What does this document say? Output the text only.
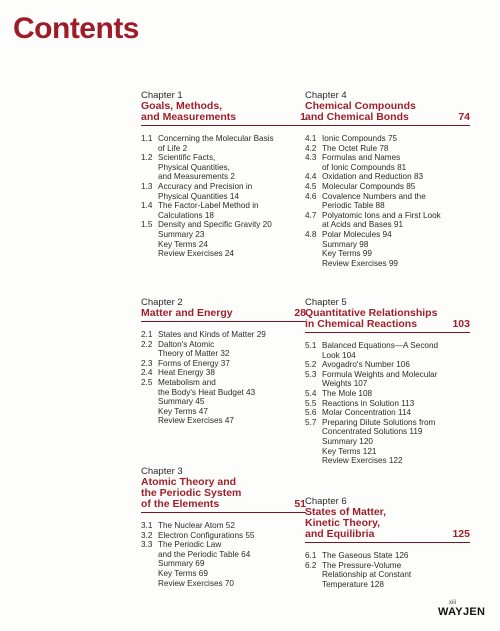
Contents
Chapter 1
Goals, Methods,
and Measurements	1
1.1 Concerning the Molecular Basis
of Life 2
1.2 Scientific Facts,
Physical Quantities,
and Measurements 2
1.3 Accuracy and Precision in
Physical Quantities 14
1.4 The Factor-Label Method in
Calculations 18
1.5 Density and Specific Gravity 20
Summary 23
Key Terms 24
Review Exercises 24
Chapter 2
Matter and Energy	28
2.1 States and Kinds of Matter 29
2.2 Dalton's Atomic
Theory of Matter 32
2.3 Forms of Energy 37
2.4 Heat Energy 38
2.5 Metabolism and
the Body's Heat Budget 43
Summary 45
Key Terms 47
Review Exercises 47
Chapter 3
Atomic Theory and
the Periodic System
of the Elements	51
3.1 The Nuclear Atom 52
3.2 Electron Configurations 55
3.3 The Periodic Law
and the Periodic Table 64
Summary 69
Key Terms 69
Review Exercises 70
Chapter 4
Chemical Compounds
and Chemical Bonds	74
4.1 Ionic Compounds 75
4.2 The Octet Rule 78
4.3 Formulas and Names
of Ionic Compounds 81
4.4 Oxidation and Reduction 83
4.5 Molecular Compounds 85
4.6 Covalence Numbers and the
Periodic Table 88
4.7 Polyatomic Ions and a First Look
at Acids and Bases 91
4.8 Polar Molecules 94
Summary 98
Key Terms 99
Review Exercises 99
Chapter 5
Quantitative Relationships
in Chemical Reactions	103
5.1 Balanced Equations—A Second
Look 104
5.2 Avogadro's Number 106
5.3 Formula Weights and Molecular
Weights 107
5.4 The Mole 108
5.5 Reactions in Solution 113
5.6 Molar Concentration 114
5.7 Preparing Dilute Solutions from
Concentrated Solutions 119
Summary 120
Key Terms 121
Review Exercises 122
Chapter 6
States of Matter,
Kinetic Theory,
and Equilibria	125
6.1 The Gaseous State 126
6.2 The Pressure-Volume
Relationship at Constant
Temperature 128
xiii
WAYJEN
